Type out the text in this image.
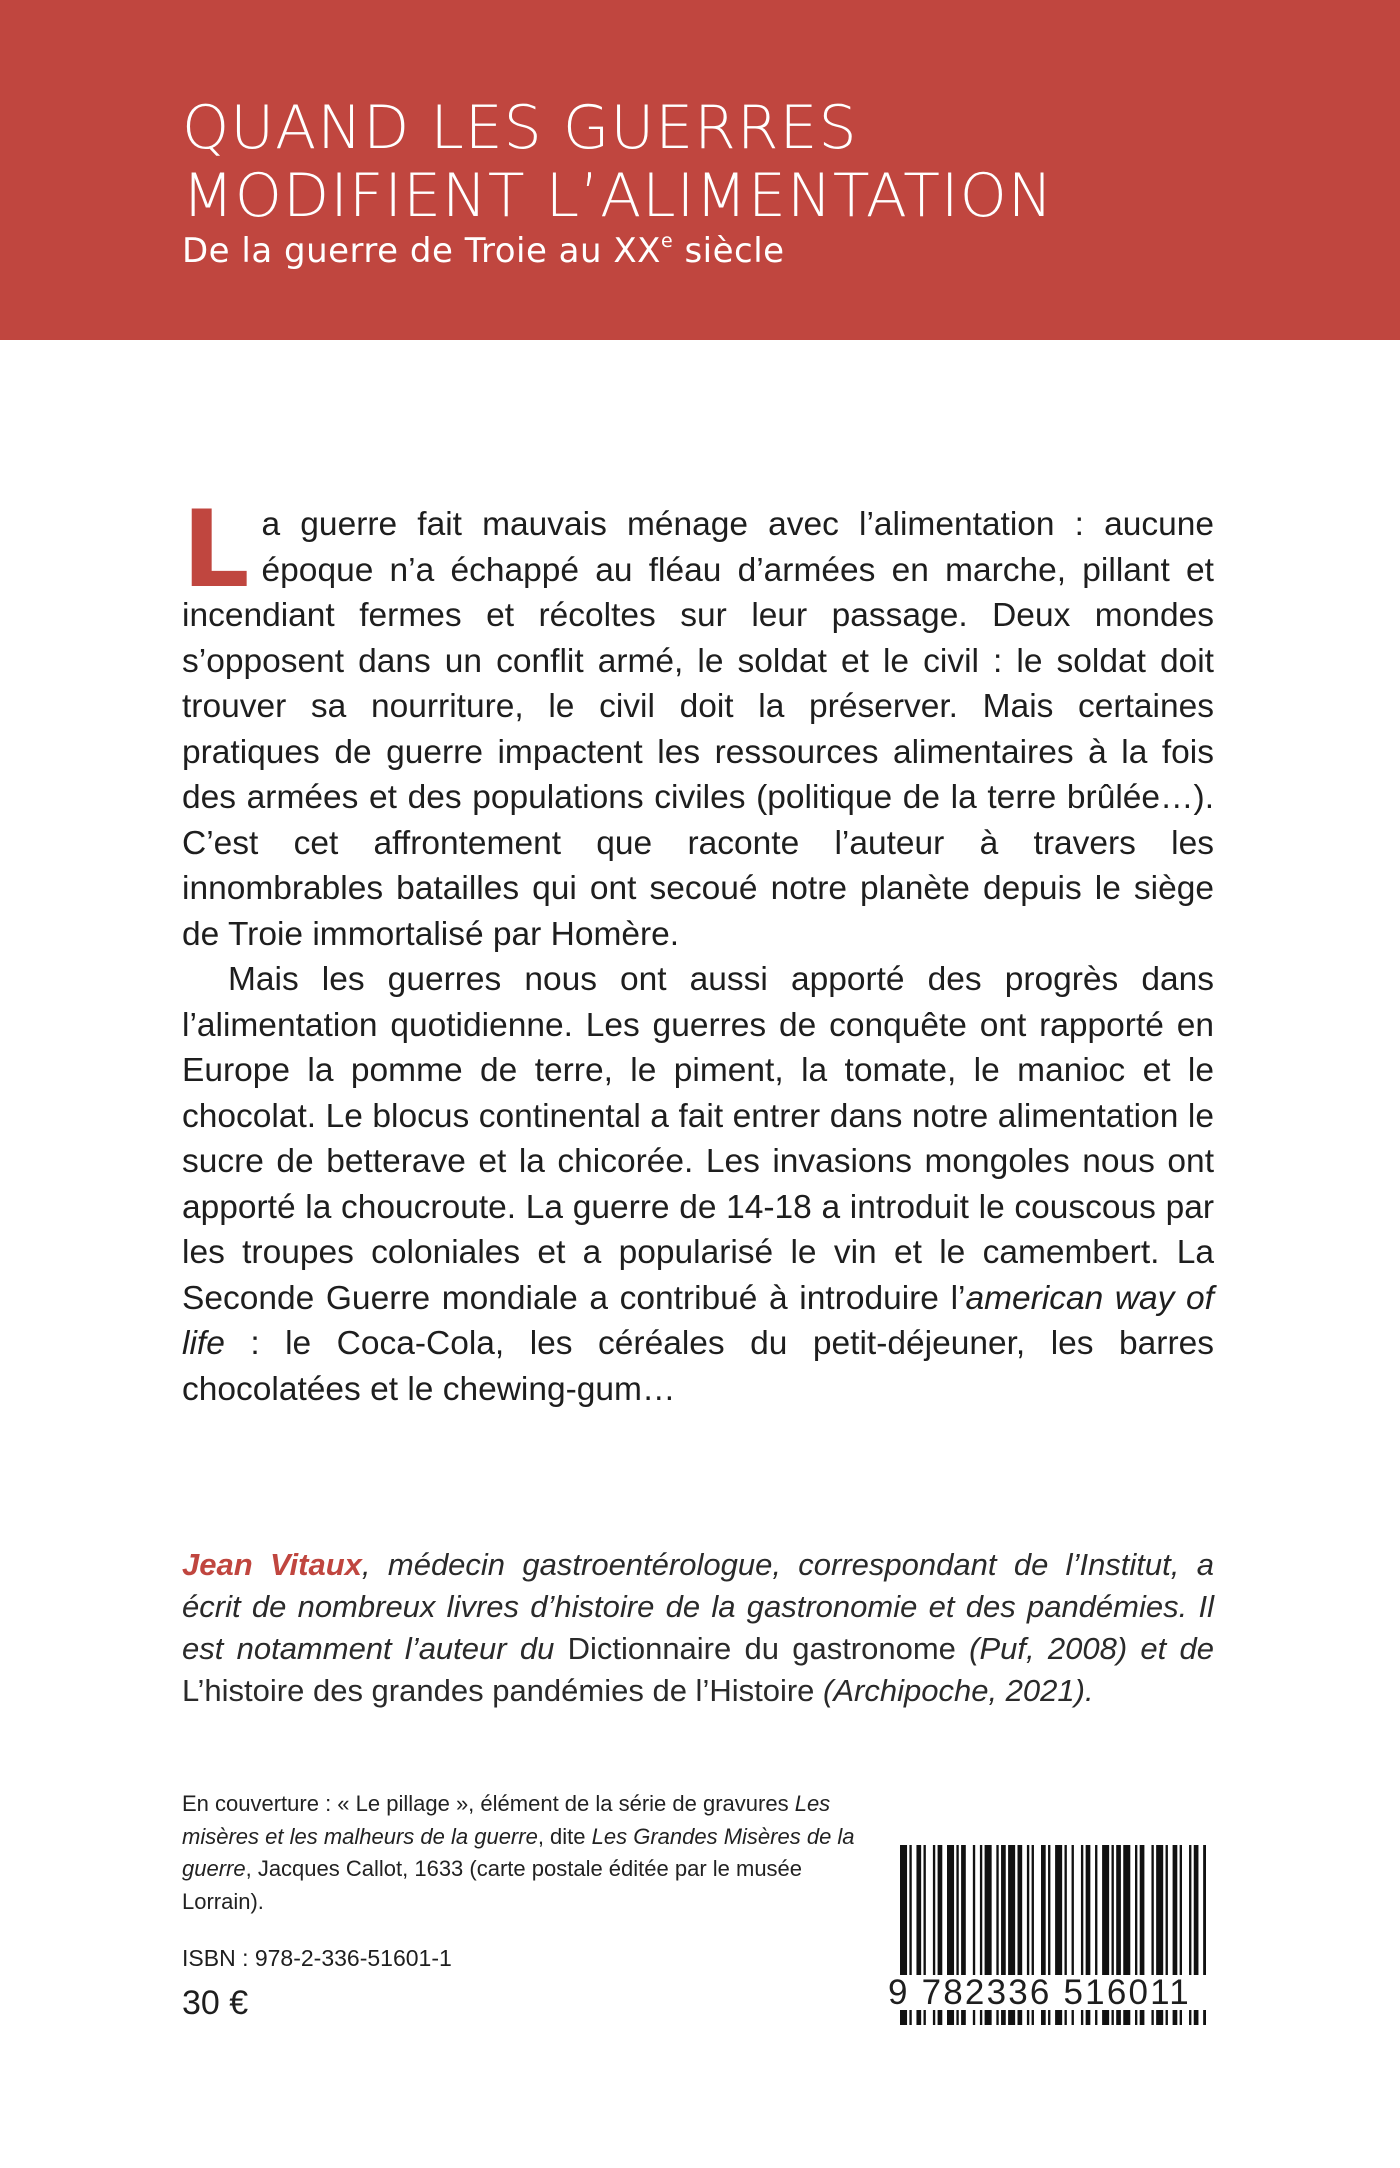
QUAND LES GUERRES
MODIFIENT L’ALIMENTATION
De la guerre de Troie au XXe siècle

La guerre fait mauvais ménage avec l’alimentation : aucune époque n’a échappé au fléau d’armées en marche, pillant et incendiant fermes et récoltes sur leur passage. Deux mondes s’opposent dans un conflit armé, le soldat et le civil : le soldat doit trouver sa nourriture, le civil doit la préserver. Mais certaines pratiques de guerre impactent les ressources alimentaires à la fois des armées et des populations civiles (politique de la terre brûlée…). C’est cet affrontement que raconte l’auteur à travers les innombrables batailles qui ont secoué notre planète depuis le siège de Troie immortalisé par Homère.

Mais les guerres nous ont aussi apporté des progrès dans l’alimentation quotidienne. Les guerres de conquête ont rapporté en Europe la pomme de terre, le piment, la tomate, le manioc et le chocolat. Le blocus continental a fait entrer dans notre alimentation le sucre de betterave et la chicorée. Les invasions mongoles nous ont apporté la choucroute. La guerre de 14-18 a introduit le couscous par les troupes coloniales et a popularisé le vin et le camembert. La Seconde Guerre mondiale a contribué à introduire l’american way of life : le Coca-Cola, les céréales du petit-déjeuner, les barres chocolatées et le chewing-gum…

Jean Vitaux, médecin gastroentérologue, correspondant de l’Institut, a écrit de nombreux livres d’histoire de la gastronomie et des pandémies. Il est notamment l’auteur du Dictionnaire du gastronome (Puf, 2008) et de L’histoire des grandes pandémies de l’Histoire (Archipoche, 2021).
En couverture : « Le pillage », élément de la série de gravures Les misères et les malheurs de la guerre, dite Les Grandes Misères de la guerre, Jacques Callot, 1633 (carte postale éditée par le musée Lorrain).
ISBN : 978-2-336-51601-1
30 €	9 782336 516011
